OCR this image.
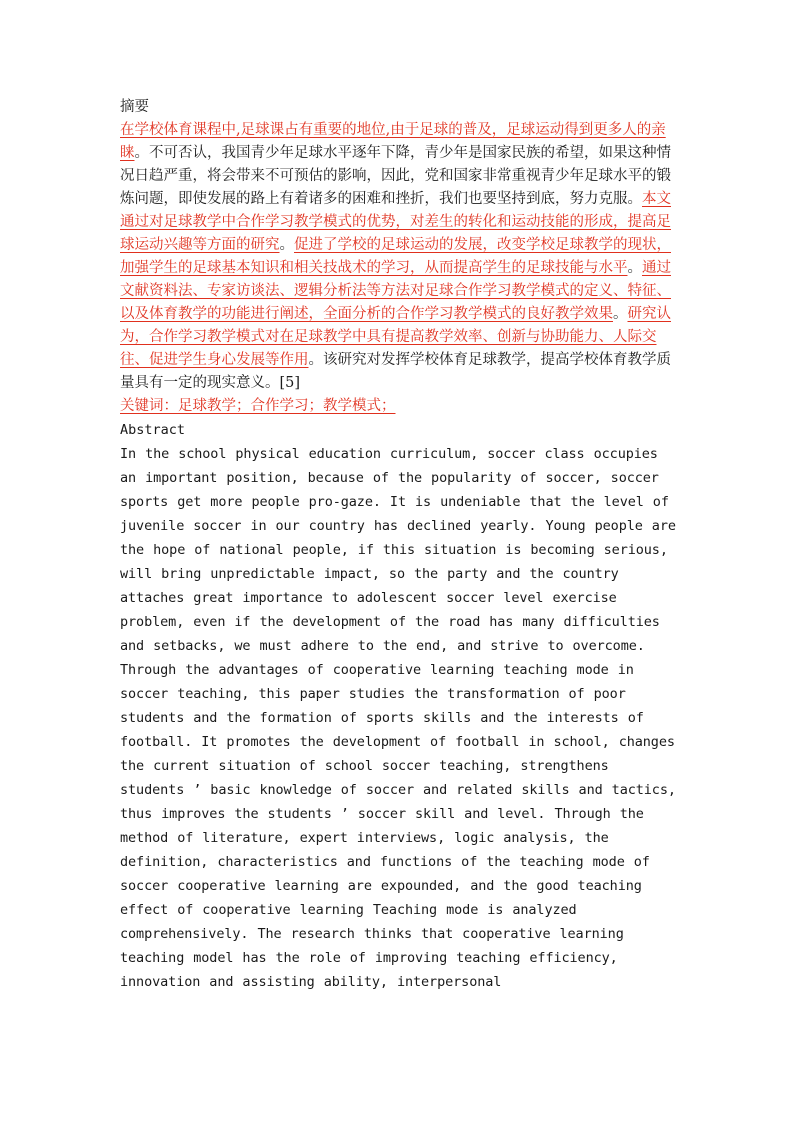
摘要

在学校体育课程中,足球课占有重要的地位,由于足球的普及，足球运动得到更多人的亲睐。不可否认，我国青少年足球水平逐年下降，青少年是国家民族的希望，如果这种情况日趋严重，将会带来不可预估的影响，因此，党和国家非常重视青少年足球水平的锻炼问题，即使发展的路上有着诸多的困难和挫折，我们也要坚持到底，努力克服。本文通过对足球教学中合作学习教学模式的优势，对差生的转化和运动技能的形成，提高足球运动兴趣等方面的研究。促进了学校的足球运动的发展，改变学校足球教学的现状，加强学生的足球基本知识和相关技战术的学习，从而提高学生的足球技能与水平。通过文献资料法、专家访谈法、逻辑分析法等方法对足球合作学习教学模式的定义、特征、以及体育教学的功能进行阐述，全面分析的合作学习教学模式的良好教学效果。研究认为，合作学习教学模式对在足球教学中具有提高教学效率、创新与协助能力、人际交往、促进学生身心发展等作用。该研究对发挥学校体育足球教学，提高学校体育教学质量具有一定的现实意义。[5]

关键词：足球教学；合作学习；教学模式；

Abstract

In the school physical education curriculum, soccer class occupies an important position, because of the popularity of soccer, soccer sports get more people pro-gaze. It is undeniable that the level of juvenile soccer in our country has declined yearly. Young people are the hope of national people, if this situation is becoming serious, will bring unpredictable impact, so the party and the country attaches great importance to adolescent soccer level exercise problem, even if the development of the road has many difficulties and setbacks, we must adhere to the end, and strive to overcome. Through the advantages of cooperative learning teaching mode in soccer teaching, this paper studies the transformation of poor students and the formation of sports skills and the interests of football. It promotes the development of football in school, changes the current situation of school soccer teaching, strengthens students ’ basic knowledge of soccer and related skills and tactics, thus improves the students ’ soccer skill and level. Through the method of literature, expert interviews, logic analysis, the definition, characteristics and functions of the teaching mode of soccer cooperative learning are expounded, and the good teaching effect of cooperative learning Teaching mode is analyzed comprehensively. The research thinks that cooperative learning teaching model has the role of improving teaching efficiency, innovation and assisting ability, interpersonal
